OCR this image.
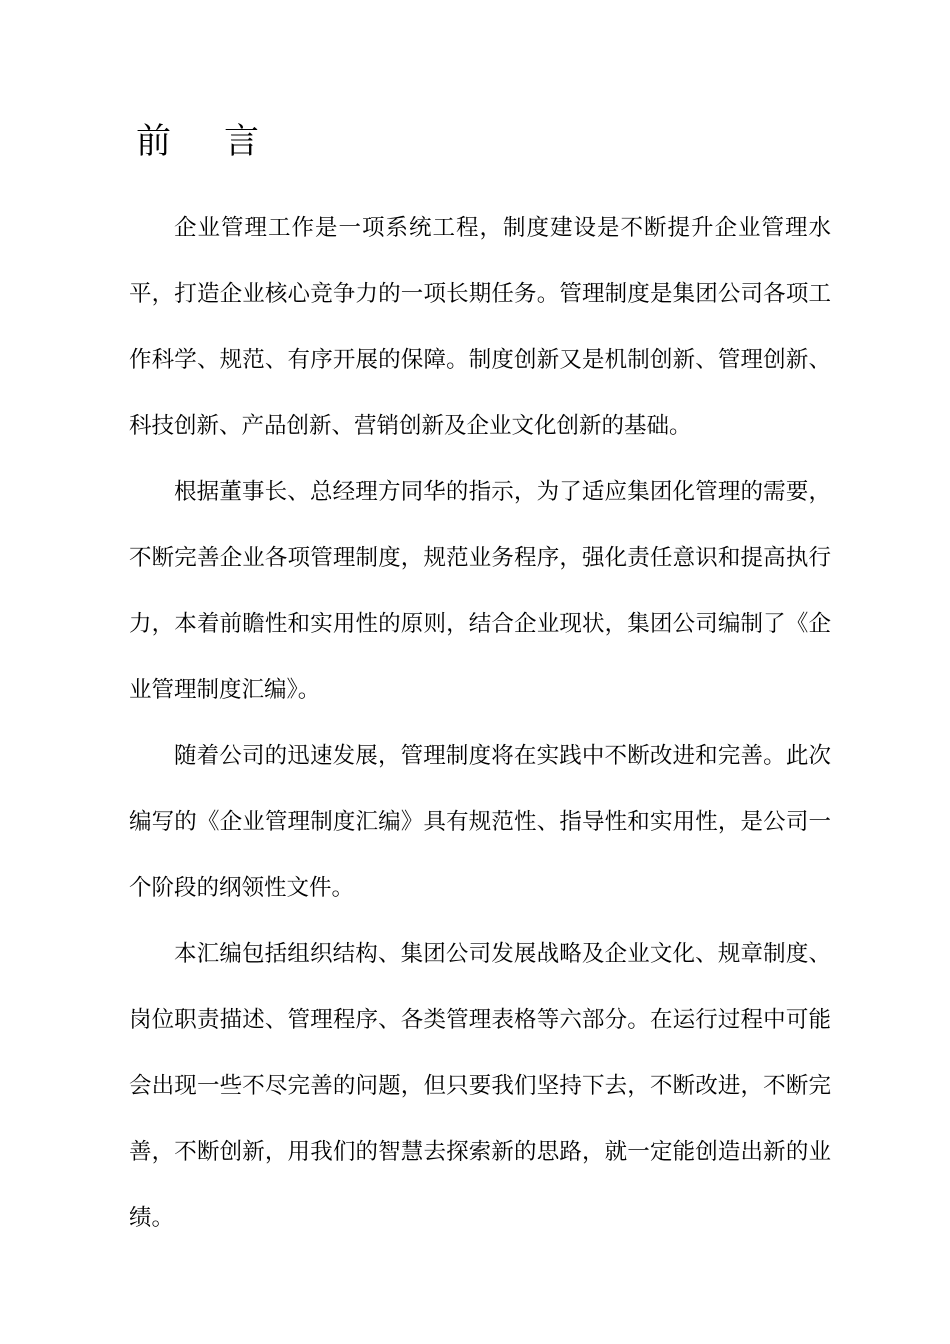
前 言

企业管理工作是一项系统工程，制度建设是不断提升企业管理水平，打造企业核心竞争力的一项长期任务。管理制度是集团公司各项工作科学、规范、有序开展的保障。制度创新又是机制创新、管理创新、科技创新、产品创新、营销创新及企业文化创新的基础。

根据董事长、总经理方同华的指示，为了适应集团化管理的需要，不断完善企业各项管理制度，规范业务程序，强化责任意识和提高执行力，本着前瞻性和实用性的原则，结合企业现状，集团公司编制了《企业管理制度汇编》。

随着公司的迅速发展，管理制度将在实践中不断改进和完善。此次编写的《企业管理制度汇编》具有规范性、指导性和实用性，是公司一个阶段的纲领性文件。

本汇编包括组织结构、集团公司发展战略及企业文化、规章制度、岗位职责描述、管理程序、各类管理表格等六部分。在运行过程中可能会出现一些不尽完善的问题，但只要我们坚持下去，不断改进，不断完善，不断创新，用我们的智慧去探索新的思路，就一定能创造出新的业绩。
